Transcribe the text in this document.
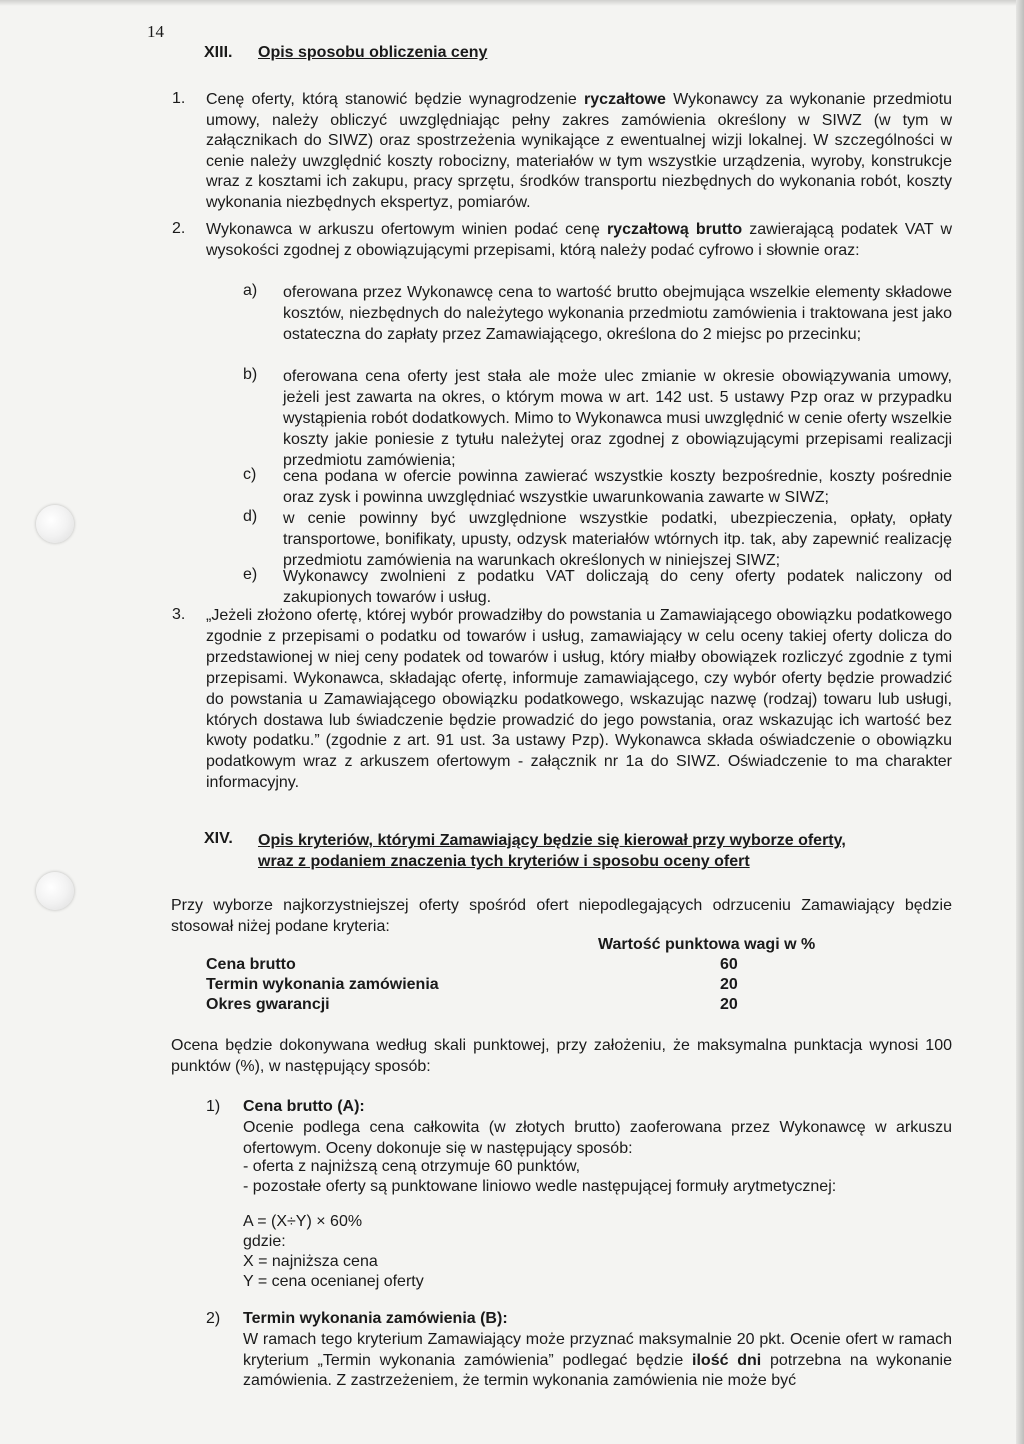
14
XIII. Opis sposobu obliczenia ceny
1. Cenę oferty, którą stanowić będzie wynagrodzenie ryczałtowe Wykonawcy za wykonanie przedmiotu umowy, należy obliczyć uwzględniając pełny zakres zamówienia określony w SIWZ (w tym w załącznikach do SIWZ) oraz spostrzeżenia wynikające z ewentualnej wizji lokalnej. W szczególności w cenie należy uwzględnić koszty robocizny, materiałów w tym wszystkie urządzenia, wyroby, konstrukcje wraz z kosztami ich zakupu, pracy sprzętu, środków transportu niezbędnych do wykonania robót, koszty wykonania niezbędnych ekspertyz, pomiarów.

2. Wykonawca w arkuszu ofertowym winien podać cenę ryczałtową brutto zawierającą podatek VAT w wysokości zgodnej z obowiązującymi przepisami, którą należy podać cyfrowo i słownie oraz:

a) oferowana przez Wykonawcę cena to wartość brutto obejmująca wszelkie elementy składowe kosztów, niezbędnych do należytego wykonania przedmiotu zamówienia i traktowana jest jako ostateczna do zapłaty przez Zamawiającego, określona do 2 miejsc po przecinku;

b) oferowana cena oferty jest stała ale może ulec zmianie w okresie obowiązywania umowy, jeżeli jest zawarta na okres, o którym mowa w art. 142 ust. 5 ustawy Pzp oraz w przypadku wystąpienia robót dodatkowych. Mimo to Wykonawca musi uwzględnić w cenie oferty wszelkie koszty jakie poniesie z tytułu należytej oraz zgodnej z obowiązującymi przepisami realizacji przedmiotu zamówienia;

c) cena podana w ofercie powinna zawierać wszystkie koszty bezpośrednie, koszty pośrednie oraz zysk i powinna uwzględniać wszystkie uwarunkowania zawarte w SIWZ;

d) w cenie powinny być uwzględnione wszystkie podatki, ubezpieczenia, opłaty, opłaty transportowe, bonifikaty, upusty, odzysk materiałów wtórnych itp. tak, aby zapewnić realizację przedmiotu zamówienia na warunkach określonych w niniejszej SIWZ;

e) Wykonawcy zwolnieni z podatku VAT doliczają do ceny oferty podatek naliczony od zakupionych towarów i usług.

3. „Jeżeli złożono ofertę, której wybór prowadziłby do powstania u Zamawiającego obowiązku podatkowego zgodnie z przepisami o podatku od towarów i usług, zamawiający w celu oceny takiej oferty dolicza do przedstawionej w niej ceny podatek od towarów i usług, który miałby obowiązek rozliczyć zgodnie z tymi przepisami. Wykonawca, składając ofertę, informuje zamawiającego, czy wybór oferty będzie prowadzić do powstania u Zamawiającego obowiązku podatkowego, wskazując nazwę (rodzaj) towaru lub usługi, których dostawa lub świadczenie będzie prowadzić do jego powstania, oraz wskazując ich wartość bez kwoty podatku.” (zgodnie z art. 91 ust. 3a ustawy Pzp). Wykonawca składa oświadczenie o obowiązku podatkowym wraz z arkuszem ofertowym - załącznik nr 1a do SIWZ. Oświadczenie to ma charakter informacyjny.

XIV. Opis kryteriów, którymi Zamawiający będzie się kierował przy wyborze oferty,
wraz z podaniem znaczenia tych kryteriów i sposobu oceny ofert

Przy wyborze najkorzystniejszej oferty spośród ofert niepodlegających odrzuceniu Zamawiający będzie stosował niżej podane kryteria:

Wartość punktowa wagi w %
Cena brutto	60
Termin wykonania zamówienia	20
Okres gwarancji	20

Ocena będzie dokonywana według skali punktowej, przy założeniu, że maksymalna punktacja wynosi 100 punktów (%), w następujący sposób:

1) Cena brutto (A):

Ocenie podlega cena całkowita (w złotych brutto) zaoferowana przez Wykonawcę w arkuszu ofertowym. Oceny dokonuje się w następujący sposób:

- oferta z najniższą ceną otrzymuje 60 punktów,
- pozostałe oferty są punktowane liniowo wedle następującej formuły arytmetycznej:
A = (X÷Y) × 60%
gdzie:
X = najniższa cena
Y = cena ocenianej oferty
2) Termin wykonania zamówienia (B):

W ramach tego kryterium Zamawiający może przyznać maksymalnie 20 pkt. Ocenie ofert w ramach kryterium „Termin wykonania zamówienia” podlegać będzie ilość dni potrzebna na wykonanie zamówienia. Z zastrzeżeniem, że termin wykonania zamówienia nie może być
